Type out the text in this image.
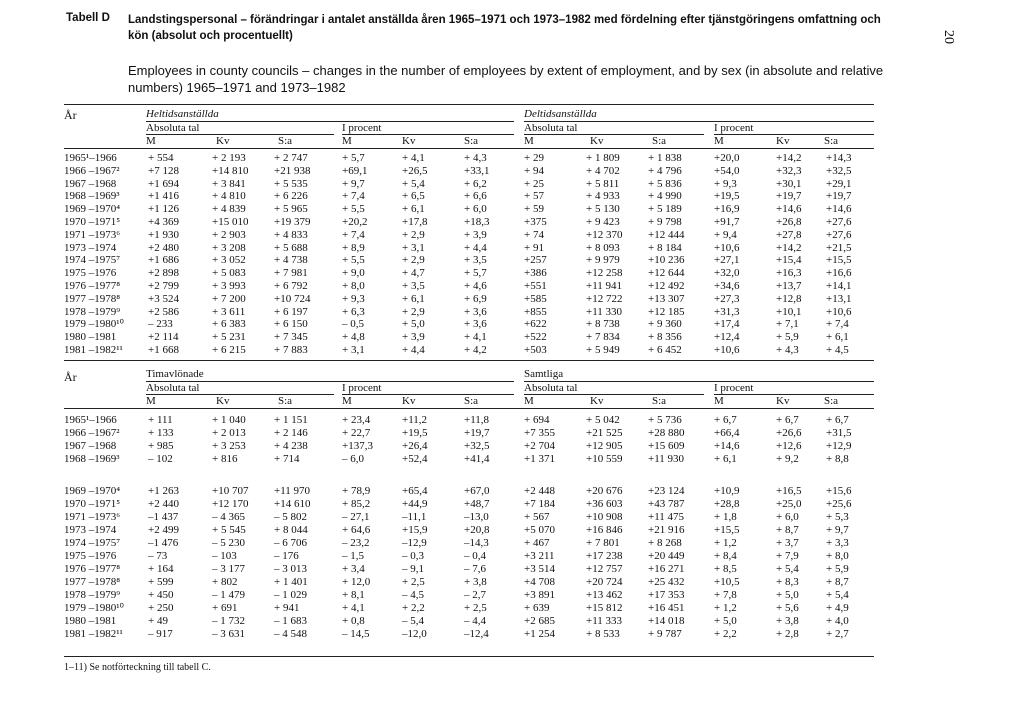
Tabell D Landstingspersonal – förändringar i antalet anställda åren 1965–1971 och 1973–1982 med fördelning efter tjänstgöringens omfattning och kön (absolut och procentuellt)
Employees in county councils – changes in the number of employees by extent of employment, and by sex (in absolute and relative numbers) 1965–1971 and 1973–1982
20
År	Heltidsanställda	Deltidsanställda
Absoluta tal	I procent	Absoluta tal	I procent
M	Kv	S:a	M	Kv	S:a	M	Kv	S:a	M	Kv	S:a
1965¹–1966	+ 554	+ 2 193	+ 2 747	+ 5,7	+ 4,1	+ 4,3	+ 29	+ 1 809	+ 1 838	+20,0	+14,2 +14,3
1966 –1967²	+7 128	+14 810 +21 938	+69,1	+26,5	+33,1	+ 94	+ 4 702	+ 4 796	+54,0	+32,3 +32,5
1967 –1968	+1 694	+ 3 841	+ 5 535	+ 9,7	+ 5,4	+ 6,2	+ 25	+ 5 811	+ 5 836	+ 9,3	+30,1 +29,1
1968 –1969³	+1 416	+ 4 810	+ 6 226	+ 7,4	+ 6,5	+ 6,6	+ 57	+ 4 933	+ 4 990	+19,5	+19,7 +19,7
1969 –1970⁴	+1 126	+ 4 839	+ 5 965	+ 5,5	+ 6,1	+ 6,0	+ 59	+ 5 130	+ 5 189	+16,9	+14,6 +14,6
1970 –1971⁵	+4 369	+15 010 +19 379	+20,2	+17,8	+18,3	+375	+ 9 423	+ 9 798	+91,7	+26,8 +27,6
1971 –1973⁶	+1 930	+ 2 903	+ 4 833	+ 7,4	+ 2,9	+ 3,9	+ 74	+12 370 +12 444	+ 9,4	+27,8 +27,6
1973 –1974	+2 480	+ 3 208	+ 5 688	+ 8,9	+ 3,1	+ 4,4	+ 91	+ 8 093	+ 8 184	+10,6	+14,2 +21,5
1974 –1975⁷	+1 686	+ 3 052	+ 4 738	+ 5,5	+ 2,9	+ 3,5	+257	+ 9 979	+10 236	+27,1	+15,4 +15,5
1975 –1976	+2 898	+ 5 083	+ 7 981	+ 9,0	+ 4,7	+ 5,7	+386	+12 258 +12 644	+32,0	+16,3 +16,6
1976 –1977⁸	+2 799	+ 3 993	+ 6 792	+ 8,0	+ 3,5	+ 4,6	+551	+11 941 +12 492	+34,6	+13,7 +14,1
1977 –1978⁸	+3 524	+ 7 200	+10 724	+ 9,3	+ 6,1	+ 6,9	+585	+12 722 +13 307	+27,3	+12,8 +13,1
1978 –1979⁹	+2 586	+ 3 611	+ 6 197	+ 6,3	+ 2,9	+ 3,6	+855	+11 330 +12 185	+31,3	+10,1 +10,6
1979 –1980¹⁰ – 233	+ 6 383	+ 6 150	– 0,5	+ 5,0	+ 3,6	+622	+ 8 738	+ 9 360	+17,4	+ 7,1 + 7,4
1980 –1981	+2 114	+ 5 231	+ 7 345	+ 4,8	+ 3,9	+ 4,1	+522	+ 7 834	+ 8 356	+12,4	+ 5,9 + 6,1
1981 –1982¹¹ +1 668	+ 6 215	+ 7 883	+ 3,1	+ 4,4	+ 4,2	+503	+ 5 949	+ 6 452	+10,6	+ 4,3 + 4,5
År	Timavlönade	Samtliga
Absoluta tal	I procent	Absoluta tal	I procent
M	Kv	S:a	M	Kv	S:a	M	Kv	S:a	M	Kv	S:a
1965¹–1966	+ 111	+ 1 040	+ 1 151	+ 23,4	+11,2	+11,8	+ 694	+ 5 042	+ 5 736	+ 6,7	+ 6,7 + 6,7
1966 –1967²	+ 133	+ 2 013	+ 2 146	+ 22,7	+19,5	+19,7	+7 355	+21 525 +28 880	+66,4	+26,6 +31,5
1967 –1968	+ 985	+ 3 253	+ 4 238	+137,3	+26,4	+32,5	+2 704	+12 905 +15 609	+14,6	+12,6 +12,9
1968 –1969³	– 102	+ 816	+ 714	– 6,0	+52,4	+41,4	+1 371	+10 559 +11 930	+ 6,1	+ 9,2 + 8,8
1969 –1970⁴	+1 263	+10 707 +11 970	+ 78,9	+65,4	+67,0	+2 448	+20 676 +23 124	+10,9	+16,5 +15,6
1970 –1971⁵	+2 440	+12 170 +14 610	+ 85,2	+44,9	+48,7	+7 184	+36 603 +43 787	+28,8	+25,0 +25,6
1971 –1973⁶	–1 437	– 4 365	– 5 802	– 27,1	–11,1	–13,0	+ 567	+10 908 +11 475	+ 1,8	+ 6,0 + 5,3
1973 –1974	+2 499	+ 5 545	+ 8 044	+ 64,6	+15,9	+20,8	+5 070	+16 846 +21 916	+15,5	+ 8,7 + 9,7
1974 –1975⁷	–1 476	– 5 230	– 6 706	– 23,2	–12,9	–14,3	+ 467	+ 7 801	+ 8 268	+ 1,2	+ 3,7 + 3,3
1975 –1976	– 73	– 103	– 176	– 1,5	– 0,3	– 0,4	+3 211	+17 238 +20 449	+ 8,4	+ 7,9 + 8,0
1976 –1977⁸	+ 164	– 3 177	– 3 013	+ 3,4	– 9,1	– 7,6	+3 514	+12 757 +16 271	+ 8,5	+ 5,4 + 5,9
1977 –1978⁸	+ 599	+ 802	+ 1 401	+ 12,0	+ 2,5	+ 3,8	+4 708	+20 724 +25 432	+10,5	+ 8,3 + 8,7
1978 –1979⁹	+ 450	– 1 479	– 1 029	+ 8,1	– 4,5	– 2,7	+3 891	+13 462 +17 353	+ 7,8	+ 5,0 + 5,4
1979 –1980¹⁰ + 250	+ 691	+ 941	+ 4,1	+ 2,2	+ 2,5	+ 639	+15 812 +16 451	+ 1,2	+ 5,6 + 4,9
1980 –1981	+ 49	– 1 732	– 1 683	+ 0,8	– 5,4	– 4,4	+2 685	+11 333 +14 018	+ 5,0	+ 3,8 + 4,0
1981 –1982¹¹ – 917	– 3 631	– 4 548	– 14,5	–12,0	–12,4	+1 254	+ 8 533	+ 9 787	+ 2,2	+ 2,8 + 2,7
1–11) Se notförteckning till tabell C.
